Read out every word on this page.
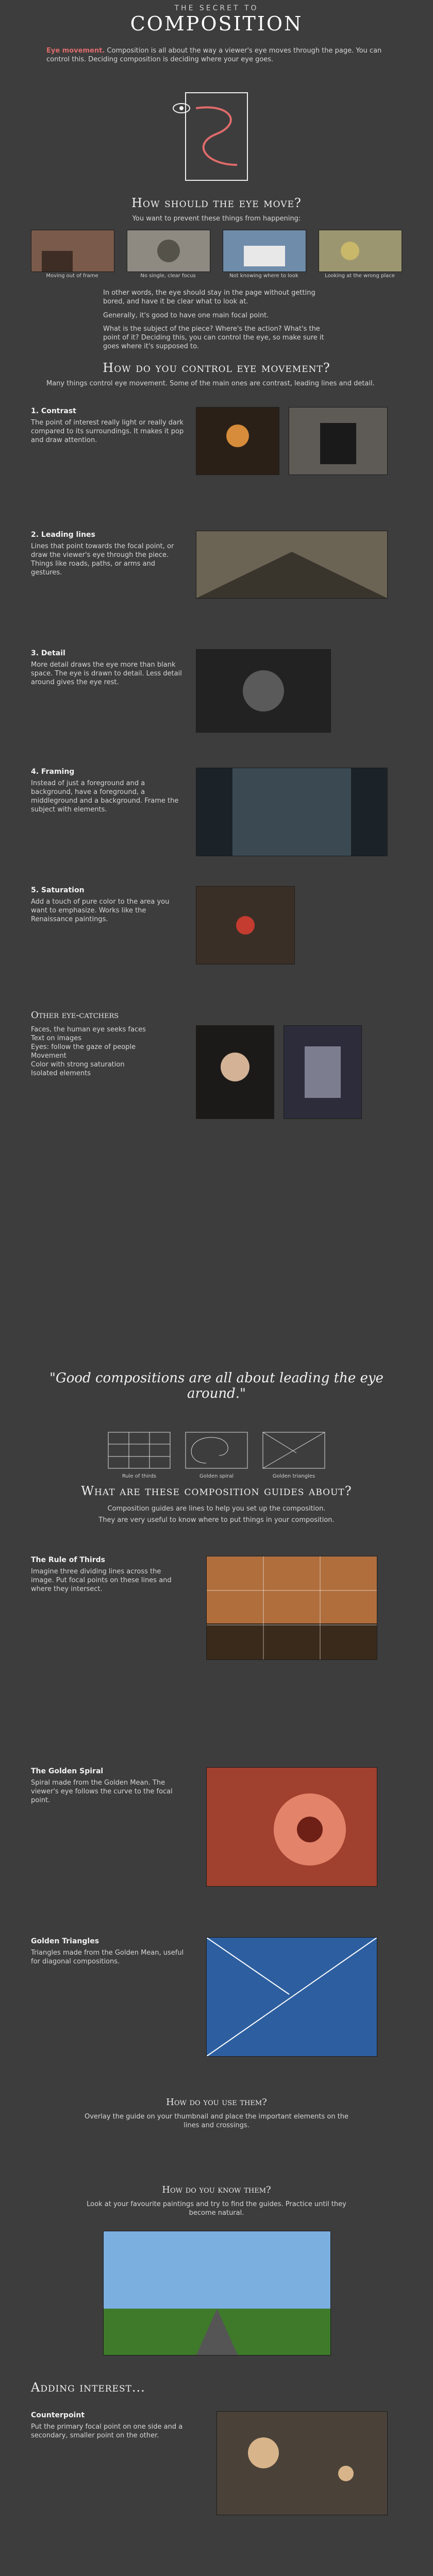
THE SECRET TO
COMPOSITION
Eye movement. Composition is all about the way a viewer's eye moves through the page. You can control this. Deciding composition is deciding where your eye goes.
How should the eye move?
You want to prevent these things from happening:
Moving out of frame	No single, clear focus	Not knowing where to look	Looking at the wrong place
In other words, the eye should stay in the page without getting bored, and have it be clear what to look at.
Generally, it's good to have one main focal point.
What is the subject of the piece? Where's the action? What's the point of it? Deciding this, you can control the eye, so make sure it goes where it's supposed to.
How do you control eye movement?
Many things control eye movement. Some of the main ones are contrast, leading lines and detail.
1. Contrast
The point of interest really light or really dark compared to its surroundings. It makes it pop and draw attention.
2. Leading lines
Lines that point towards the focal point, or draw the viewer's eye through the piece. Things like roads, paths, or arms and gestures.
3. Detail
More detail draws the eye more than blank space. The eye is drawn to detail. Less detail around gives the eye rest.
4. Framing
Instead of just a foreground and a background, have a foreground, a middleground and a background. Frame the subject with elements.
5. Saturation
Add a touch of pure color to the area you want to emphasize. Works like the Renaissance paintings.
Other eye-catchers
Faces, the human eye seeks faces
Text on images
Eyes: follow the gaze of people
Movement
Color with strong saturation
Isolated elements
"Good compositions are all about leading the eye around."
What are these composition guides about?
Composition guides are lines to help you set up the composition.
They are very useful to know where to put things in your composition.
Rule of thirds	Golden spiral	Golden triangles
The Rule of Thirds
Imagine three dividing lines across the image. Put focal points on these lines and where they intersect.
The Golden Spiral
Spiral made from the Golden Mean. The viewer's eye follows the curve to the focal point.
Golden Triangles
Triangles made from the Golden Mean, useful for diagonal compositions.
How do you use them?
Overlay the guide on your thumbnail and place the important elements on the lines and crossings.
How do you know them?
Look at your favourite paintings and try to find the guides. Practice until they become natural.
Adding interest...
Counterpoint
Put the primary focal point on one side and a secondary, smaller point on the other.
